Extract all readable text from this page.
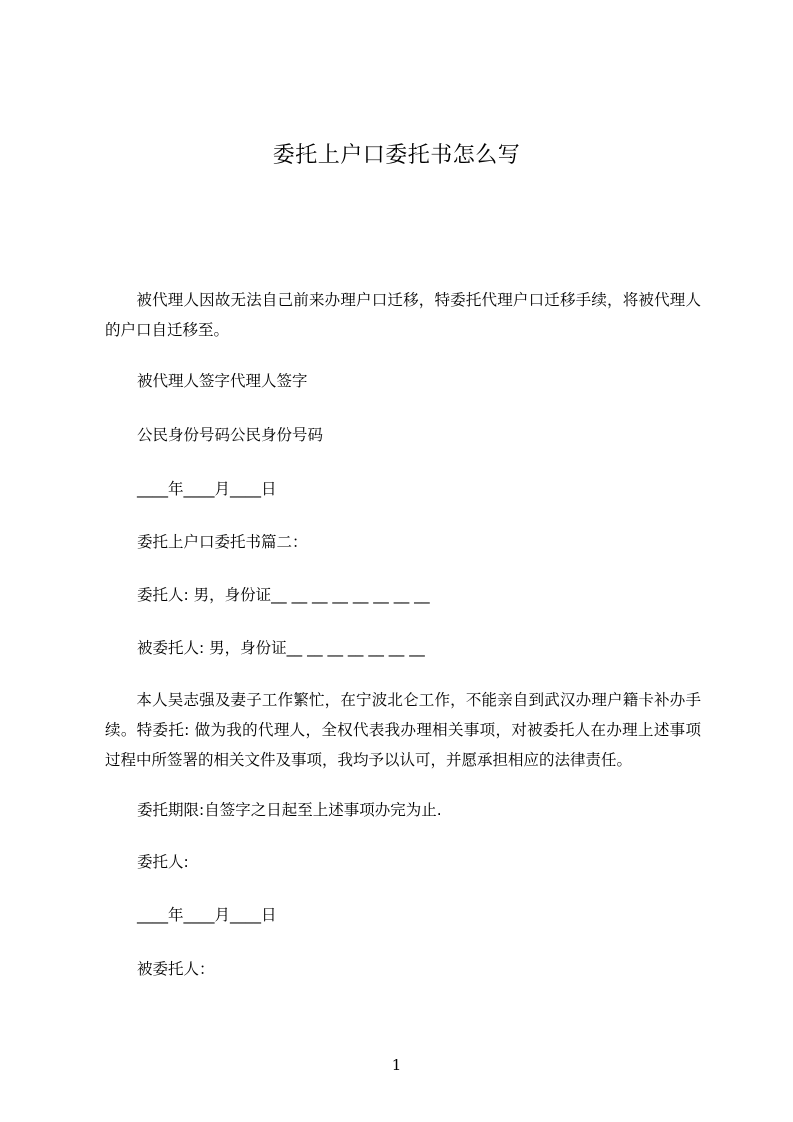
委托上户口委托书怎么写

　　被代理人因故无法自己前来办理户口迁移，特委托代理户口迁移手续，将被代理人的户口自迁移至。

被代理人签字代理人签字
公民身份号码公民身份号码
____年____月____日
委托上户口委托书篇二：
委托人: 男，身份证__ __ __ __ __ __ __ __
被委托人: 男，身份证__ __ __ __ __ __ __

　　本人吴志强及妻子工作繁忙，在宁波北仑工作，不能亲自到武汉办理户籍卡补办手续。特委托: 做为我的代理人，全权代表我办理相关事项，对被委托人在办理上述事项过程中所签署的相关文件及事项，我均予以认可，并愿承担相应的法律责任。

委托期限:自签字之日起至上述事项办完为止.
委托人:
____年____月____日
被委托人：
1
